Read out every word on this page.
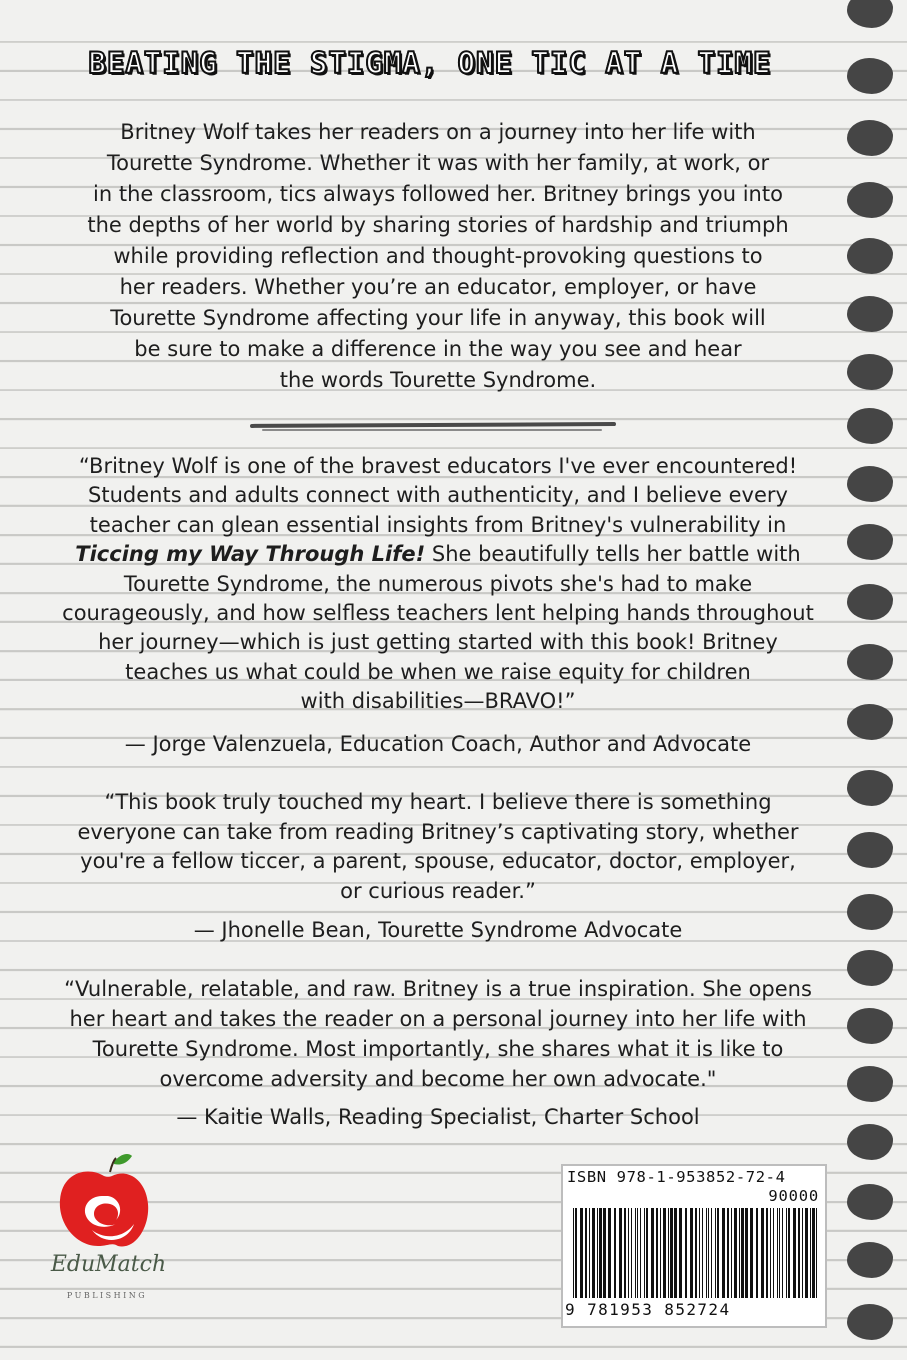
BEATING THE STIGMA, ONE TIC AT A TIME
Britney Wolf takes her readers on a journey into her life with
Tourette Syndrome. Whether it was with her family, at work, or
in the classroom, tics always followed her. Britney brings you into
the depths of her world by sharing stories of hardship and triumph
while providing reflection and thought-provoking questions to
her readers. Whether you’re an educator, employer, or have
Tourette Syndrome affecting your life in anyway, this book will
be sure to make a difference in the way you see and hear
the words Tourette Syndrome.
“Britney Wolf is one of the bravest educators I've ever encountered!
Students and adults connect with authenticity, and I believe every
teacher can glean essential insights from Britney's vulnerability in
Ticcing my Way Through Life! She beautifully tells her battle with
Tourette Syndrome, the numerous pivots she's had to make
courageously, and how selfless teachers lent helping hands throughout
her journey—which is just getting started with this book! Britney
teaches us what could be when we raise equity for children
with disabilities—BRAVO!”
— Jorge Valenzuela, Education Coach, Author and Advocate
“This book truly touched my heart. I believe there is something
everyone can take from reading Britney’s captivating story, whether
you're a fellow ticcer, a parent, spouse, educator, doctor, employer,
or curious reader.”
— Jhonelle Bean, Tourette Syndrome Advocate
“Vulnerable, relatable, and raw. Britney is a true inspiration. She opens
her heart and takes the reader on a personal journey into her life with
Tourette Syndrome. Most importantly, she shares what it is like to
overcome adversity and become her own advocate."
— Kaitie Walls, Reading Specialist, Charter School
EduMatch
PUBLISHING
ISBN 978-1-953852-72-4
90000
9 781953 852724
